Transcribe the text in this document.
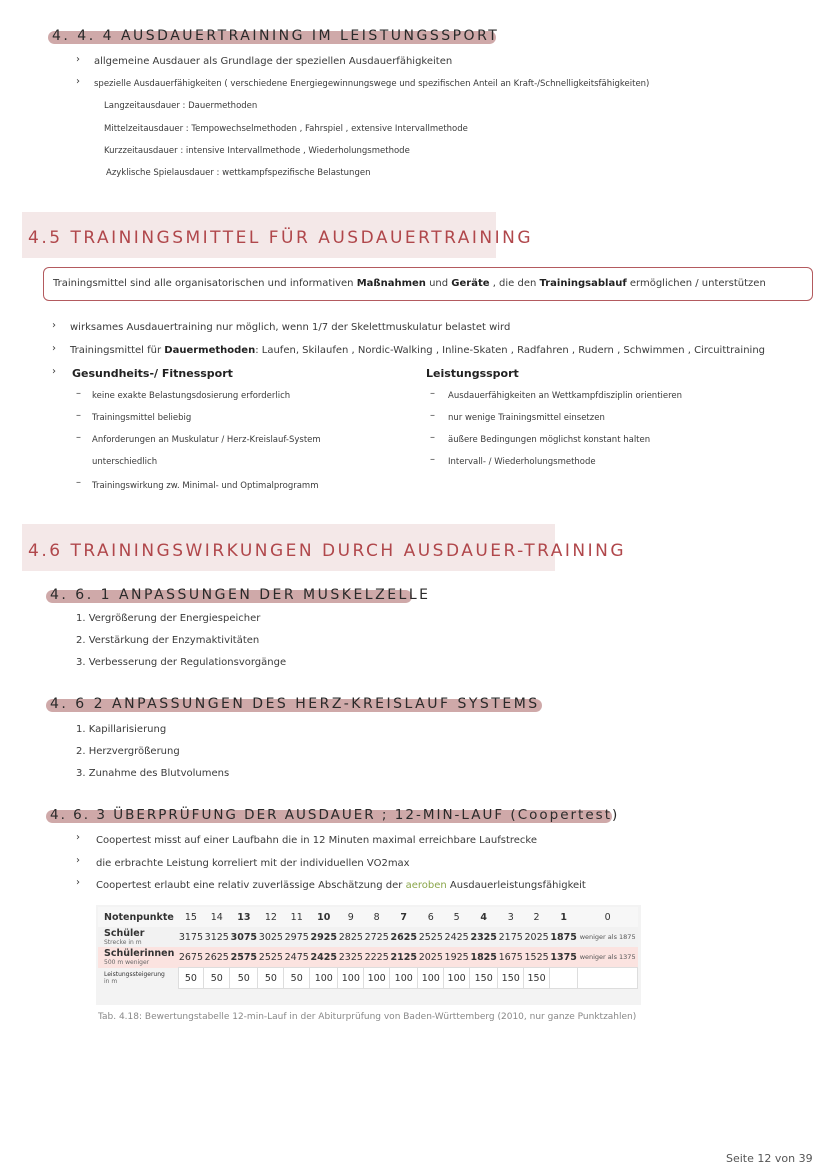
4. 4. 4 AUSDAUERTRAINING IM LEISTUNGSSPORT
› allgemeine Ausdauer als Grundlage der speziellen Ausdauerfähigkeiten
› spezielle Ausdauerfähigkeiten ( verschiedene Energiegewinnungswege und spezifischen Anteil an Kraft-/Schnelligkeitsfähigkeiten)
Langzeitausdauer : Dauermethoden
Mittelzeitausdauer : Tempowechselmethoden , Fahrspiel , extensive Intervallmethode
Kurzzeitausdauer : intensive Intervallmethode , Wiederholungsmethode
Azyklische Spielausdauer : wettkampfspezifische Belastungen
4.5 TRAININGSMITTEL FÜR AUSDAUERTRAINING
Trainingsmittel sind alle organisatorischen und informativen Maßnahmen und Geräte , die den Trainingsablauf ermöglichen / unterstützen
› wirksames Ausdauertraining nur möglich, wenn 1/7 der Skelettmuskulatur belastet wird
› Trainingsmittel für Dauermethoden: Laufen, Skilaufen , Nordic-Walking , Inline-Skaten , Radfahren , Rudern , Schwimmen , Circuittraining
› Gesundheits-/ Fitnessport	Leistungssport
– keine exakte Belastungsdosierung erforderlich
– Trainingsmittel beliebig
– Anforderungen an Muskulatur / Herz-Kreislauf-System
unterschiedlich
– Trainingswirkung zw. Minimal- und Optimalprogramm
– Ausdauerfähigkeiten an Wettkampfdisziplin orientieren
– nur wenige Trainingsmittel einsetzen
– äußere Bedingungen möglichst konstant halten
– Intervall- / Wiederholungsmethode
4.6 TRAININGSWIRKUNGEN DURCH AUSDAUER-TRAINING
4. 6. 1 ANPASSUNGEN DER MUSKELZELLE
1. Vergrößerung der Energiespeicher
2. Verstärkung der Enzymaktivitäten
3. Verbesserung der Regulationsvorgänge
4. 6 2 ANPASSUNGEN DES HERZ-KREISLAUF SYSTEMS
1. Kapillarisierung
2. Herzvergrößerung
3. Zunahme des Blutvolumens
4. 6. 3 ÜBERPRÜFUNG DER AUSDAUER ; 12-MIN-LAUF (Coopertest)
› Coopertest misst auf einer Laufbahn die in 12 Minuten maximal erreichbare Laufstrecke
› die erbrachte Leistung korreliert mit der individuellen VO2max
› Coopertest erlaubt eine relativ zuverlässige Abschätzung der aeroben Ausdauerleistungsfähigkeit
Notenpunkte	15	14	13	12	11	10	9	8	7	6	5	4	3	2	1	0
Schüler
Strecke in m	3175	3125	3075	3025	2975	2925	2825	2725	2625	2525	2425	2325	2175	2025	1875	weniger als 1875
Schülerinnen
500 m weniger	2675	2625	2575	2525	2475	2425	2325	2225	2125	2025	1925	1825	1675	1525	1375	weniger als 1375
Leistungssteigerung
in m	50	50	50	50	50	100	100	100	100	100	100	150	150	150		
Tab. 4.18: Bewertungstabelle 12-min-Lauf in der Abiturprüfung von Baden-Württemberg (2010, nur ganze Punktzahlen)
Seite 12 von 39
